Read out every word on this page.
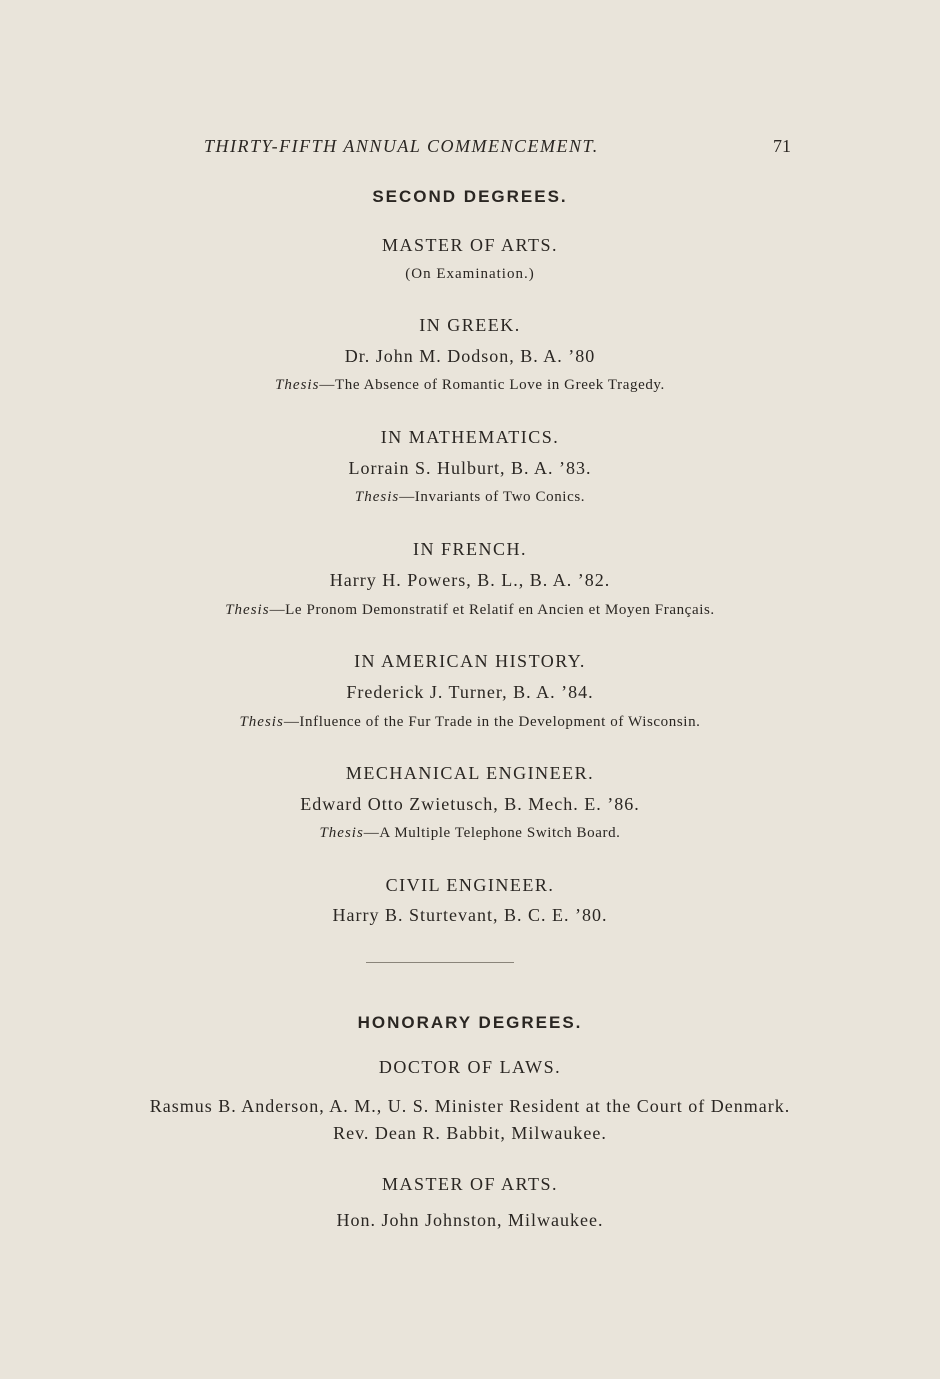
THIRTY-FIFTH ANNUAL COMMENCEMENT.	71
SECOND DEGREES.
MASTER OF ARTS.
(On Examination.)
IN GREEK.
Dr. John M. Dodson, B. A. ’80
Thesis—The Absence of Romantic Love in Greek Tragedy.
IN MATHEMATICS.
Lorrain S. Hulburt, B. A. ’83.
Thesis—Invariants of Two Conics.
IN FRENCH.
Harry H. Powers, B. L., B. A. ’82.
Thesis—Le Pronom Demonstratif et Relatif en Ancien et Moyen Français.
IN AMERICAN HISTORY.
Frederick J. Turner, B. A. ’84.
Thesis—Influence of the Fur Trade in the Development of Wisconsin.
MECHANICAL ENGINEER.
Edward Otto Zwietusch, B. Mech. E. ’86.
Thesis—A Multiple Telephone Switch Board.
CIVIL ENGINEER.
Harry B. Sturtevant, B. C. E. ’80.
HONORARY DEGREES.
DOCTOR OF LAWS.
Rasmus B. Anderson, A. M., U. S. Minister Resident at the Court of Denmark.
Rev. Dean R. Babbit, Milwaukee.
MASTER OF ARTS.
Hon. John Johnston, Milwaukee.
